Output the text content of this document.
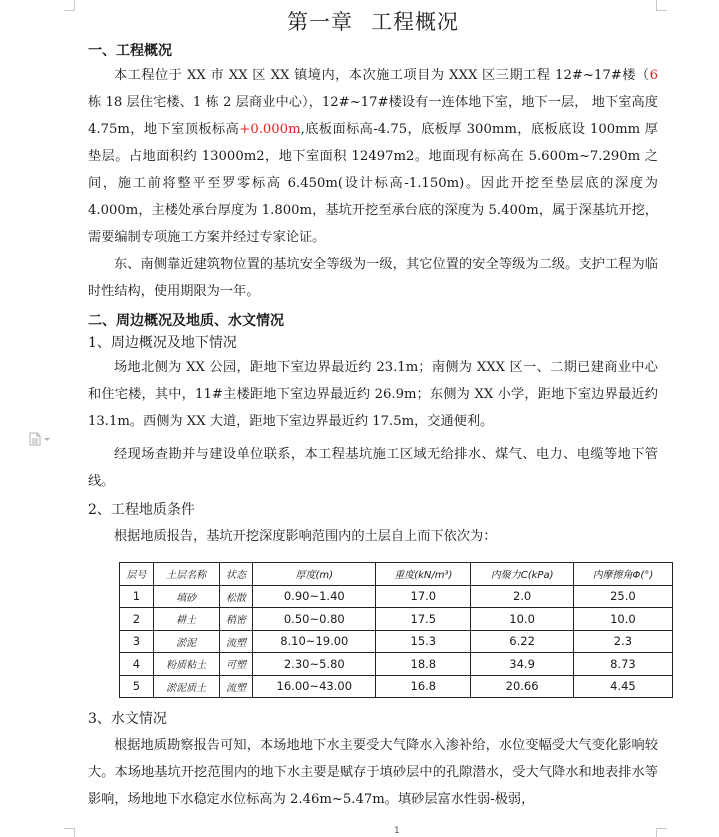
第一章 工程概况

一、工程概况

本工程位于 XX 市 XX 区 XX 镇境内，本次施工项目为 XXX 区三期工程 12#~17#楼（6 栋 18 层住宅楼、1 栋 2 层商业中心），12#~17#楼设有一连体地下室，地下一层， 地下室高度 4.75m，地下室顶板标高+0.000m,底板面标高-4.75，底板厚 300mm，底板底设 100mm 厚垫层。占地面积约 13000m2，地下室面积 12497m2。地面现有标高在 5.600m~7.290m 之间，施工前将整平至罗零标高 6.450m(设计标高-1.150m)。因此开挖至垫层底的深度为 4.000m，主楼处承台厚度为 1.800m，基坑开挖至承台底的深度为 5.400m，属于深基坑开挖，需要编制专项施工方案并经过专家论证。

东、南侧靠近建筑物位置的基坑安全等级为一级，其它位置的安全等级为二级。支护工程为临时性结构，使用期限为一年。

二、周边概况及地质、水文情况

1、周边概况及地下情况

场地北侧为 XX 公园，距地下室边界最近约 23.1m；南侧为 XXX 区一、二期已建商业中心和住宅楼，其中，11#主楼距地下室边界最近约 26.9m；东侧为 XX 小学，距地下室边界最近约 13.1m。西侧为 XX 大道，距地下室边界最近约 17.5m，交通便利。

经现场查勘并与建设单位联系，本工程基坑施工区域无给排水、煤气、电力、电缆等地下管线。

2、工程地质条件

根据地质报告，基坑开挖深度影响范围内的土层自上而下依次为：

层号	土层名称	状态	厚度(m)	重度(kN/m³)	内聚力C(kPa)	内摩擦角Φ(°)
1	填砂	松散	0.90~1.40	17.0	2.0	25.0
2	耕土	稍密	0.50~0.80	17.5	10.0	10.0
3	淤泥	流塑	8.10~19.00	15.3	6.22	2.3
4	粉质粘土	可塑	2.30~5.80	18.8	34.9	8.73
5	淤泥质土	流塑	16.00~43.00	16.8	20.66	4.45

3、水文情况

根据地质勘察报告可知，本场地地下水主要受大气降水入渗补给，水位变幅受大气变化影响较大。本场地基坑开挖范围内的地下水主要是赋存于填砂层中的孔隙潜水，受大气降水和地表排水等影响，场地地下水稳定水位标高为 2.46m~5.47m。填砂层富水性弱-极弱，

1
